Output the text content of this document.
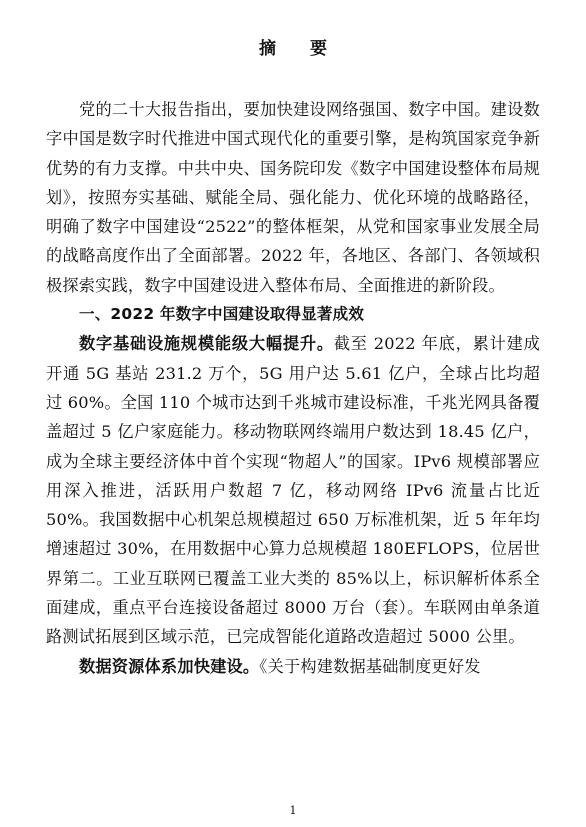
摘 要

党的二十大报告指出，要加快建设网络强国、数字中国。建设数字中国是数字时代推进中国式现代化的重要引擎，是构筑国家竞争新优势的有力支撑。中共中央、国务院印发《数字中国建设整体布局规划》，按照夯实基础、赋能全局、强化能力、优化环境的战略路径，明确了数字中国建设“2522”的整体框架，从党和国家事业发展全局的战略高度作出了全面部署。2022 年，各地区、各部门、各领域积极探索实践，数字中国建设进入整体布局、全面推进的新阶段。

一、2022 年数字中国建设取得显著成效

数字基础设施规模能级大幅提升。截至 2022 年底，累计建成开通 5G 基站 231.2 万个，5G 用户达 5.61 亿户，全球占比均超过 60%。全国 110 个城市达到千兆城市建设标准，千兆光网具备覆盖超过 5 亿户家庭能力。移动物联网终端用户数达到 18.45 亿户，成为全球主要经济体中首个实现“物超人”的国家。IPv6 规模部署应用深入推进，活跃用户数超 7 亿，移动网络 IPv6 流量占比近 50%。我国数据中心机架总规模超过 650 万标准机架，近 5 年年均增速超过 30%，在用数据中心算力总规模超 180EFLOPS，位居世界第二。工业互联网已覆盖工业大类的 85%以上，标识解析体系全面建成，重点平台连接设备超过 8000 万台（套）。车联网由单条道路测试拓展到区域示范，已完成智能化道路改造超过 5000 公里。

数据资源体系加快建设。《关于构建数据基础制度更好发

1
